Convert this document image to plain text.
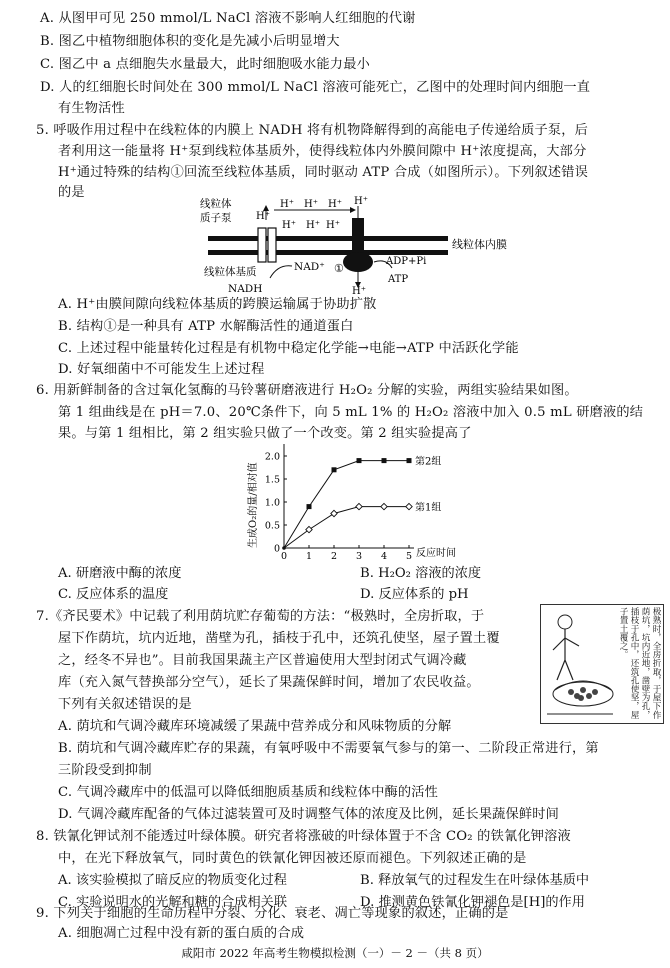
A. 从图甲可见 250 mmol/L NaCl 溶液不影响人红细胞的代谢
B. 图乙中植物细胞体积的变化是先减小后明显增大
C. 图乙中 a 点细胞失水量最大，此时细胞吸水能力最小
D. 人的红细胞长时间处在 300 mmol/L NaCl 溶液可能死亡，乙图中的处理时间内细胞一直
有生物活性
5. 呼吸作用过程中在线粒体的内膜上 NADH 将有机物降解得到的高能电子传递给质子泵，后
者利用这一能量将 H⁺泵到线粒体基质外，使得线粒体内外膜间隙中 H⁺浓度提高，大部分
H⁺通过特殊的结构①回流至线粒体基质，同时驱动 ATP 合成（如图所示）。下列叙述错误
的是
线粒体
质子泵 H⁺
H⁺ H⁺ H⁺
H⁺ H⁺ H⁺
H⁺
H⁺
线粒体内膜
线粒体基质
NADH
NAD⁺ ①
ADP+Pi
ATP
A. H⁺由膜间隙向线粒体基质的跨膜运输属于协助扩散
B. 结构①是一种具有 ATP 水解酶活性的通道蛋白
C. 上述过程中能量转化过程是有机物中稳定化学能→电能→ATP 中活跃化学能
D. 好氧细菌中不可能发生上述过程
6. 用新鲜制备的含过氧化氢酶的马铃薯研磨液进行 H₂O₂ 分解的实验，两组实验结果如图。
第 1 组曲线是在 pH＝7.0、20℃条件下，向 5 mL 1% 的 H₂O₂ 溶液中加入 0.5 mL 研磨液的结
果。与第 1 组相比，第 2 组实验只做了一个改变。第 2 组实验提高了
0
0.5
1.0
1.5
2.0
0 1 2 3 4 5
第2组
第1组
生成O₂的量/相对值
反应时间
A. 研磨液中酶的浓度	B. H₂O₂ 溶液的浓度
C. 反应体系的温度	D. 反应体系的 pH
7.《齐民要术》中记载了利用荫坑贮存葡萄的方法：“极熟时，全房折取，于
屋下作荫坑，坑内近地，凿壁为孔，插枝于孔中，还筑孔使坚，屋子置土覆
之，经冬不异也”。目前我国果蔬主产区普遍使用大型封闭式气调冷藏
库（充入氮气替换部分空气），延长了果蔬保鲜时间，增加了农民收益。
下列有关叙述错误的是	极熟时，全房折取，于屋下作荫坑，坑内近地，凿壁为孔，插枝于孔中，还筑孔使坚，屋子置土覆之。
A. 荫坑和气调冷藏库环境减缓了果蔬中营养成分和风味物质的分解
B. 荫坑和气调冷藏库贮存的果蔬，有氧呼吸中不需要氧气参与的第一、二阶段正常进行，第
三阶段受到抑制
C. 气调冷藏库中的低温可以降低细胞质基质和线粒体中酶的活性
D. 气调冷藏库配备的气体过滤装置可及时调整气体的浓度及比例，延长果蔬保鲜时间
8. 铁氰化钾试剂不能透过叶绿体膜。研究者将涨破的叶绿体置于不含 CO₂ 的铁氰化钾溶液
中，在光下释放氧气，同时黄色的铁氰化钾因被还原而褪色。下列叙述正确的是
A. 该实验模拟了暗反应的物质变化过程	B. 释放氧气的过程发生在叶绿体基质中
C. 实验说明水的光解和糖的合成相关联	D. 推测黄色铁氰化钾褪色是[H]的作用
9. 下列关于细胞的生命历程中分裂、分化、衰老、凋亡等现象的叙述，正确的是
A. 细胞凋亡过程中没有新的蛋白质的合成
咸阳市 2022 年高考生物模拟检测（一）－ 2 －（共 8 页）
